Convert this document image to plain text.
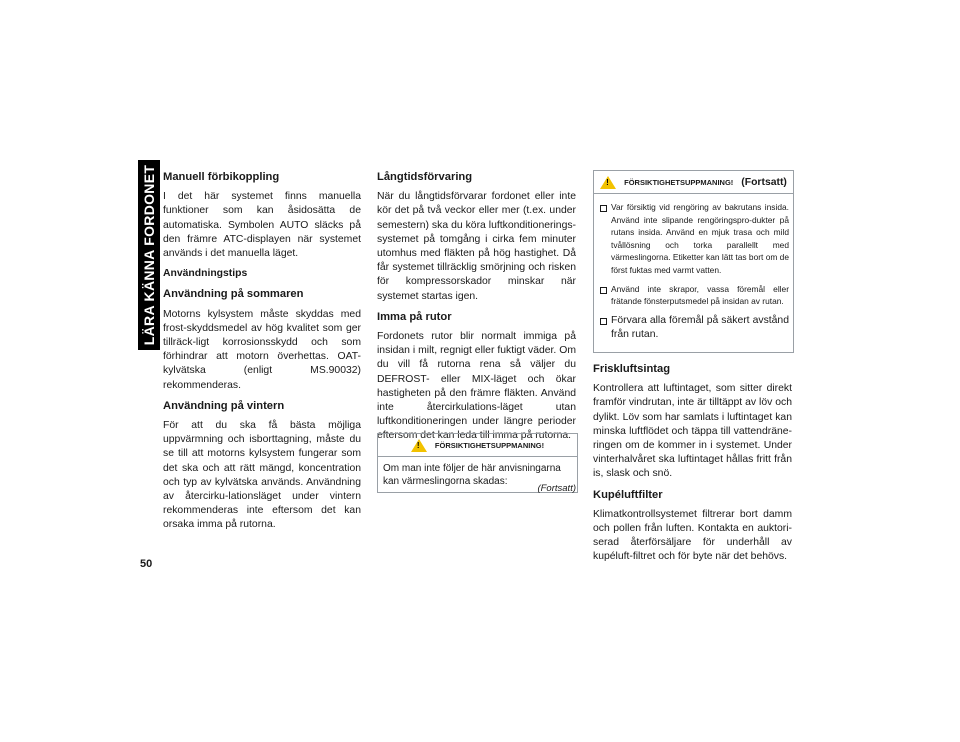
LÄRA KÄNNA FORDONET
50
Manuell förbikoppling

I det här systemet finns manuella funktioner som kan åsidosätta de automatiska. Symbolen AUTO släcks på den främre ATC-displayen när systemet används i det manuella läget.

Användningstips
Användning på sommaren

Motorns kylsystem måste skyddas med frost-skyddsmedel av hög kvalitet som ger tillräck-ligt korrosionsskydd och som förhindrar att motorn överhettas. OAT-kylvätska (enligt MS.90032) rekommenderas.

Användning på vintern

För att du ska få bästa möjliga uppvärmning och isborttagning, måste du se till att motorns kylsystem fungerar som det ska och att rätt mängd, koncentration och typ av kylvätska används. Användning av återcirku-lationsläget under vintern rekommenderas inte eftersom det kan orsaka imma på rutorna.

Långtidsförvaring

När du långtidsförvarar fordonet eller inte kör det på två veckor eller mer (t.ex. under semestern) ska du köra luftkonditionerings-systemet på tomgång i cirka fem minuter utomhus med fläkten på hög hastighet. Då får systemet tillräcklig smörjning och risken för kompressorskador minskar när systemet startas igen.

Imma på rutor

Fordonets rutor blir normalt immiga på insidan i milt, regnigt eller fuktigt väder. Om du vill få rutorna rena så väljer du DEFROST- eller MIX-läget och ökar hastigheten på den främre fläkten. Använd inte återcirkulations-läget utan luftkonditioneringen under längre perioder eftersom det kan leda till imma på rutorna.

! FÖRSIKTIGHETSUPPMANING!
Om man inte följer de här anvisningarna kan värmeslingorna skadas:
(Fortsatt)
! FÖRSIKTIGHETSUPPMANING! (Fortsatt)
Var försiktig vid rengöring av bakrutans insida. Använd inte slipande rengöringspro-dukter på rutans insida. Använd en mjuk trasa och mild tvållösning och torka parallellt med värmeslingorna. Etiketter kan lätt tas bort om de först fuktas med varmt vatten.
Använd inte skrapor, vassa föremål eller frätande fönsterputsmedel på insidan av rutan.
Förvara alla föremål på säkert avstånd från rutan.
Friskluftsintag

Kontrollera att luftintaget, som sitter direkt framför vindrutan, inte är tilltäppt av löv och dylikt. Löv som har samlats i luftintaget kan minska luftflödet och täppa till vattendräne-ringen om de kommer in i systemet. Under vinterhalvåret ska luftintaget hållas fritt från is, slask och snö.

Kupéluftfilter

Klimatkontrollsystemet filtrerar bort damm och pollen från luften. Kontakta en auktori-serad återförsäljare för underhåll av kupéluft-filtret och för byte när det behövs.
